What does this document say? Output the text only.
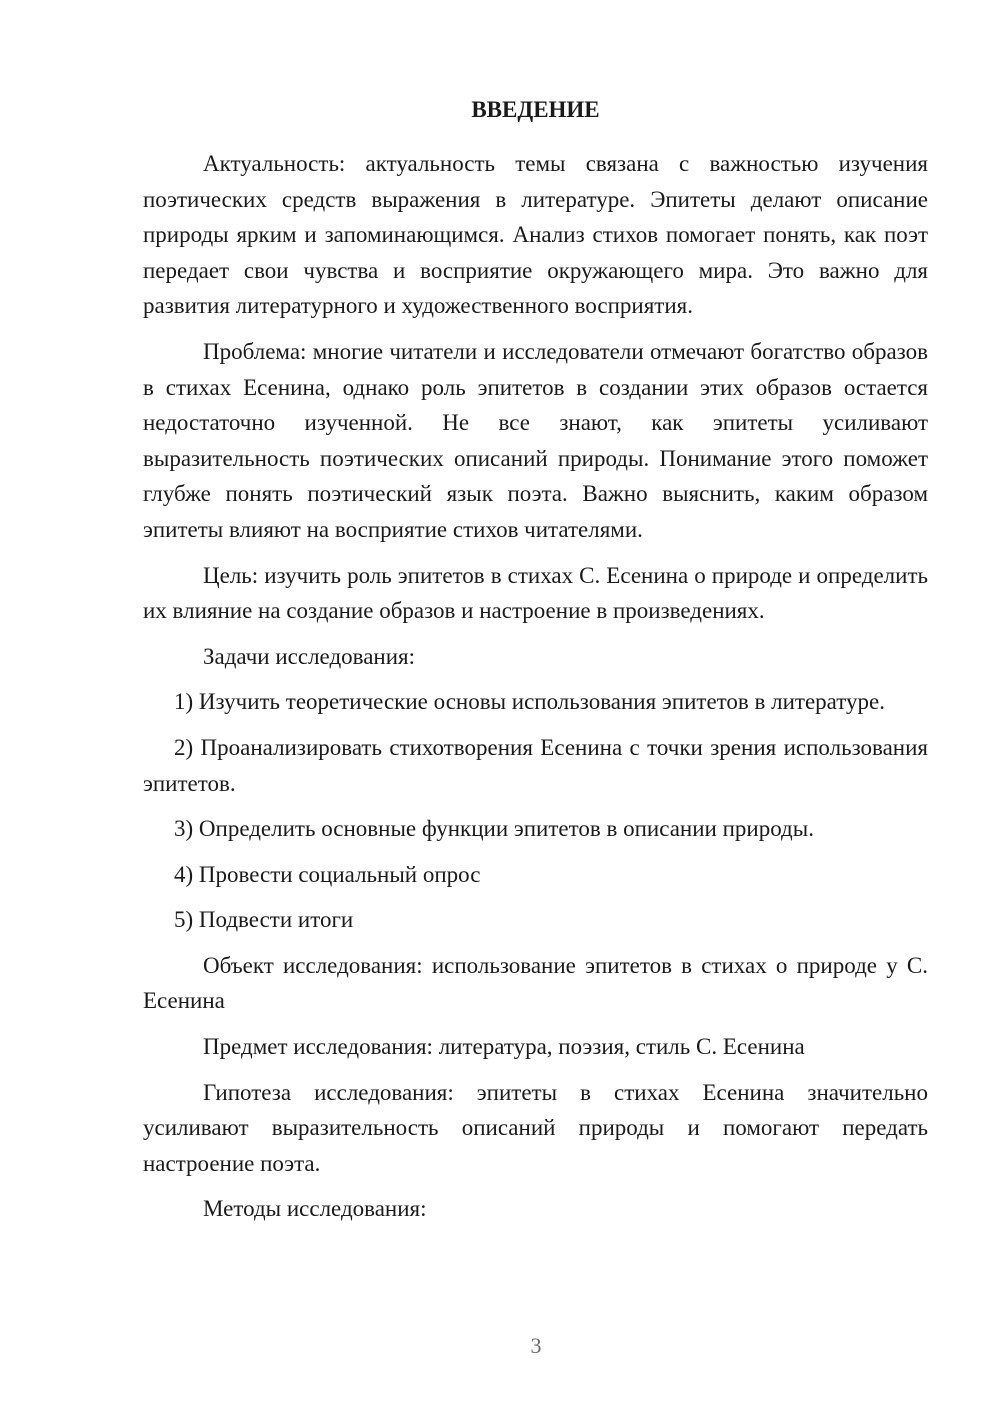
ВВЕДЕНИЕ

Актуальность: актуальность темы связана с важностью изучения поэтических средств выражения в литературе. Эпитеты делают описание природы ярким и запоминающимся. Анализ стихов помогает понять, как поэт передает свои чувства и восприятие окружающего мира. Это важно для развития литературного и художественного восприятия.

Проблема: многие читатели и исследователи отмечают богатство образов в стихах Есенина, однако роль эпитетов в создании этих образов остается недостаточно изученной. Не все знают, как эпитеты усиливают выразительность поэтических описаний природы. Понимание этого поможет глубже понять поэтический язык поэта. Важно выяснить, каким образом эпитеты влияют на восприятие стихов читателями.

Цель: изучить роль эпитетов в стихах С. Есенина о природе и определить их влияние на создание образов и настроение в произведениях.

Задачи исследования:

1) Изучить теоретические основы использования эпитетов в литературе.

2) Проанализировать стихотворения Есенина с точки зрения использования эпитетов.

3) Определить основные функции эпитетов в описании природы.

4) Провести социальный опрос

5) Подвести итоги

Объект исследования: использование эпитетов в стихах о природе у С. Есенина

Предмет исследования: литература, поэзия, стиль С. Есенина

Гипотеза исследования: эпитеты в стихах Есенина значительно усиливают выразительность описаний природы и помогают передать настроение поэта.

Методы исследования:

3
